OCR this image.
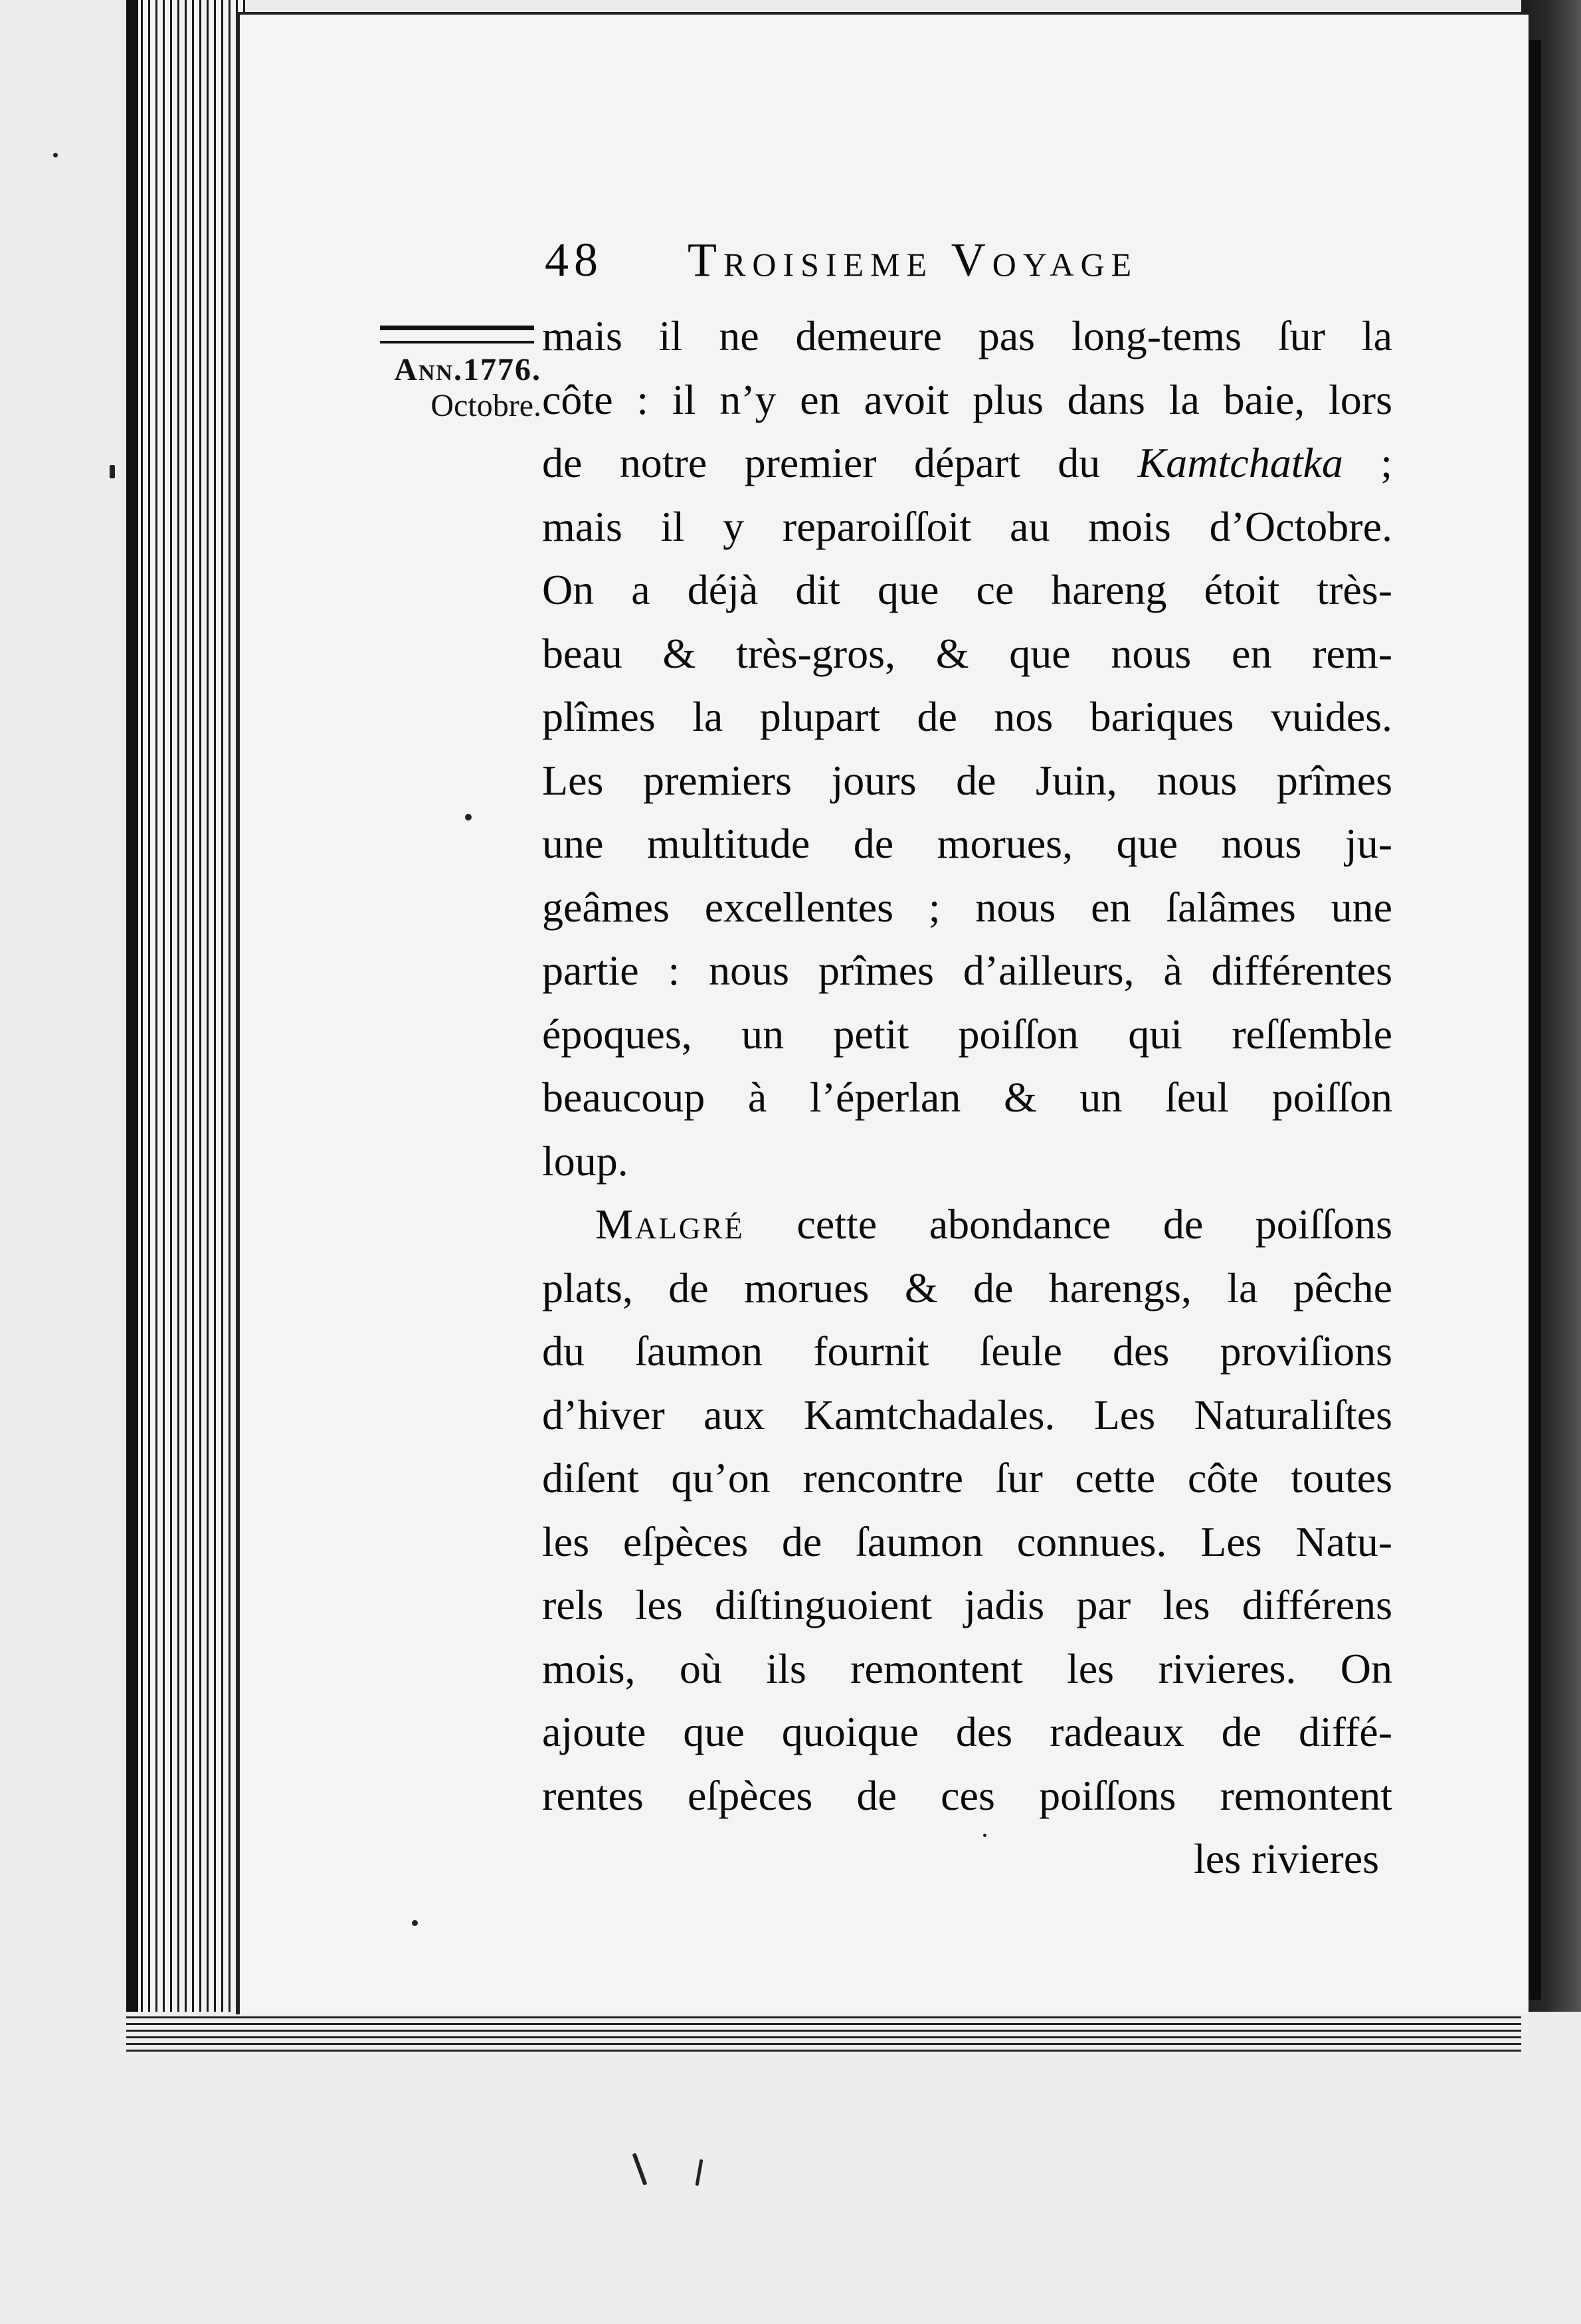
48 Troisieme Voyage
Ann.1776.
Octobre.
mais il ne demeure pas long-tems ſur la
côte : il n’y en avoit plus dans la baie, lors
de notre premier départ du Kamtchatka ;
mais il y reparoiſſoit au mois d’Octobre.
On a déjà dit que ce hareng étoit très-
beau & très-gros, & que nous en rem-
plîmes la plupart de nos bariques vuides.
Les premiers jours de Juin, nous prîmes
une multitude de morues, que nous ju-
geâmes excellentes ; nous en ſalâmes une
partie : nous prîmes d’ailleurs, à différentes
époques, un petit poiſſon qui reſſemble
beaucoup à l’éperlan & un ſeul poiſſon
loup.
Malgré cette abondance de poiſſons
plats, de morues & de harengs, la pêche
du ſaumon fournit ſeule des proviſions
d’hiver aux Kamtchadales. Les Naturaliſtes
diſent qu’on rencontre ſur cette côte toutes
les eſpèces de ſaumon connues. Les Natu-
rels les diſtinguoient jadis par les différens
mois, où ils remontent les rivieres. On
ajoute que quoique des radeaux de diffé-
rentes eſpèces de ces poiſſons remontent
les rivieres
